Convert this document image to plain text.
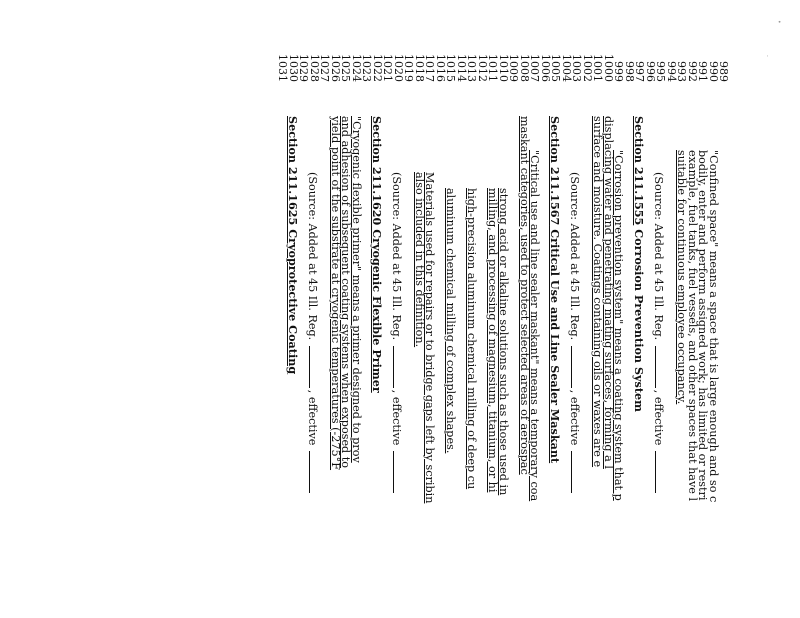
989
990
991
992
993
994
995
996
997
998
999
1000
1001
1002
1003
1004
1005
1006
1007
1008
1009
1010
1011
1012
1013
1014
1015
1016
1017
1018
1019
1020
1021
1022
1023
1024
1025
1026
1027
1028
1029
1030
1031
"Confined space" means a space that is large enough and so c
bodily, enter and perform assigned work; has limited or restri
example, fuel tanks, fuel vessels, and other spaces that have l
suitable for continuous employee occupancy.
(Source: Added at 45 Ill. Reg. , effective
Section 211.1555 Corrosion Prevention System
"Corrosion prevention system" means a coating system that p
displacing water and penetrating mating surfaces, forming a l
surface and moisture. Coatings containing oils or waxes are e
(Source: Added at 45 Ill. Reg. , effective
Section 211.1567 Critical Use and Line Sealer Maskant
"Critical use and line sealer maskant" means a temporary coa
maskant categories, used to protect selected areas of aerospac
strong acid or alkaline solutions such as those used in
milling, and processing of magnesium, titanium, or hi
high-precision aluminum chemical milling of deep cu
aluminum chemical milling of complex shapes.
Materials used for repairs or to bridge gaps left by scribin
also included in this definition.
(Source: Added at 45 Ill. Reg. , effective
Section 211.1620 Cryogenic Flexible Primer
"Cryogenic flexible primer" means a primer designed to prov
and adhesion of subsequent coating systems when exposed to
yield point of the substrate at cryogenic temperatures (-275°F
(Source: Added at 45 Ill. Reg. , effective
Section 211.1625 Cryoprotective Coating
•
·
